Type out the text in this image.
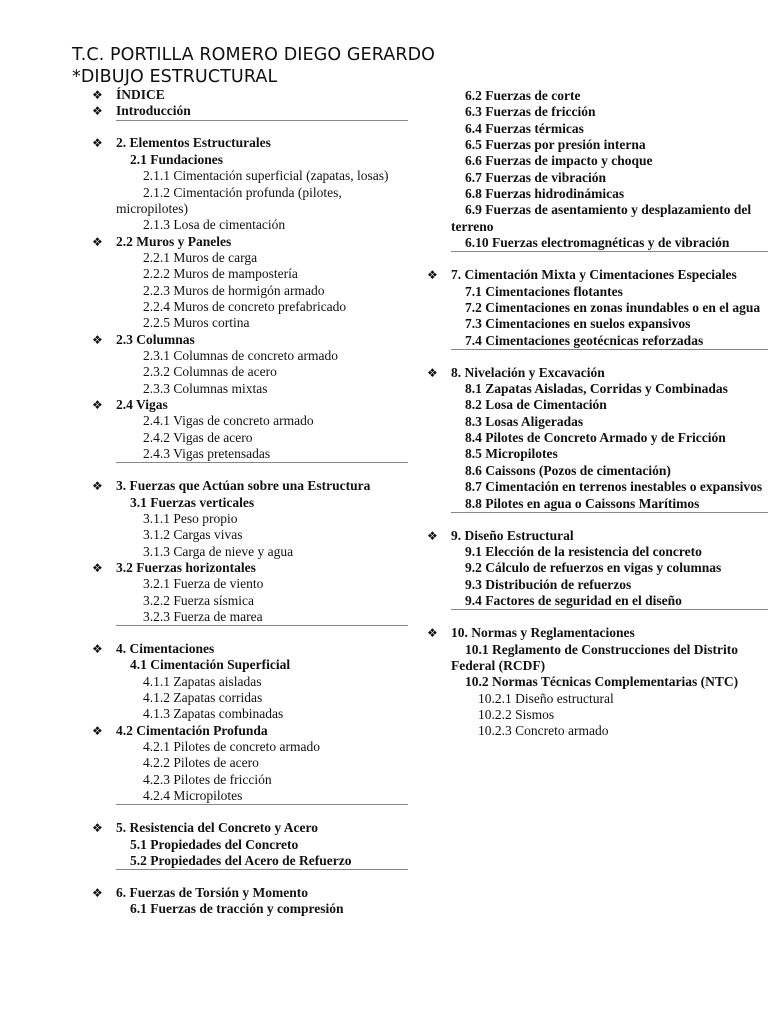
T.C. PORTILLA ROMERO DIEGO GERARDO
*DIBUJO ESTRUCTURAL
❖ ÍNDICE
❖ Introducción
❖ 2. Elementos Estructurales
2.1 Fundaciones
2.1.1 Cimentación superficial (zapatas, losas)
2.1.2 Cimentación profunda (pilotes, micropilotes)
2.1.3 Losa de cimentación
❖ 2.2 Muros y Paneles
2.2.1 Muros de carga
2.2.2 Muros de mampostería
2.2.3 Muros de hormigón armado
2.2.4 Muros de concreto prefabricado
2.2.5 Muros cortina
❖ 2.3 Columnas
2.3.1 Columnas de concreto armado
2.3.2 Columnas de acero
2.3.3 Columnas mixtas
❖ 2.4 Vigas
2.4.1 Vigas de concreto armado
2.4.2 Vigas de acero
2.4.3 Vigas pretensadas
❖ 3. Fuerzas que Actúan sobre una Estructura
3.1 Fuerzas verticales
3.1.1 Peso propio
3.1.2 Cargas vivas
3.1.3 Carga de nieve y agua
❖ 3.2 Fuerzas horizontales
3.2.1 Fuerza de viento
3.2.2 Fuerza sísmica
3.2.3 Fuerza de marea
❖ 4. Cimentaciones
4.1 Cimentación Superficial
4.1.1 Zapatas aisladas
4.1.2 Zapatas corridas
4.1.3 Zapatas combinadas
❖ 4.2 Cimentación Profunda
4.2.1 Pilotes de concreto armado
4.2.2 Pilotes de acero
4.2.3 Pilotes de fricción
4.2.4 Micropilotes
❖ 5. Resistencia del Concreto y Acero
5.1 Propiedades del Concreto
5.2 Propiedades del Acero de Refuerzo
❖ 6. Fuerzas de Torsión y Momento
6.1 Fuerzas de tracción y compresión
6.2 Fuerzas de corte
6.3 Fuerzas de fricción
6.4 Fuerzas térmicas
6.5 Fuerzas por presión interna
6.6 Fuerzas de impacto y choque
6.7 Fuerzas de vibración
6.8 Fuerzas hidrodinámicas
6.9 Fuerzas de asentamiento y desplazamiento del terreno
6.10 Fuerzas electromagnéticas y de vibración
❖ 7. Cimentación Mixta y Cimentaciones Especiales
7.1 Cimentaciones flotantes
7.2 Cimentaciones en zonas inundables o en el agua
7.3 Cimentaciones en suelos expansivos
7.4 Cimentaciones geotécnicas reforzadas
❖ 8. Nivelación y Excavación
8.1 Zapatas Aisladas, Corridas y Combinadas
8.2 Losa de Cimentación
8.3 Losas Aligeradas
8.4 Pilotes de Concreto Armado y de Fricción
8.5 Micropilotes
8.6 Caissons (Pozos de cimentación)
8.7 Cimentación en terrenos inestables o expansivos
8.8 Pilotes en agua o Caissons Marítimos
❖ 9. Diseño Estructural
9.1 Elección de la resistencia del concreto
9.2 Cálculo de refuerzos en vigas y columnas
9.3 Distribución de refuerzos
9.4 Factores de seguridad en el diseño
❖ 10. Normas y Reglamentaciones
10.1 Reglamento de Construcciones del Distrito Federal (RCDF)
10.2 Normas Técnicas Complementarias (NTC)
10.2.1 Diseño estructural
10.2.2 Sismos
10.2.3 Concreto armado
